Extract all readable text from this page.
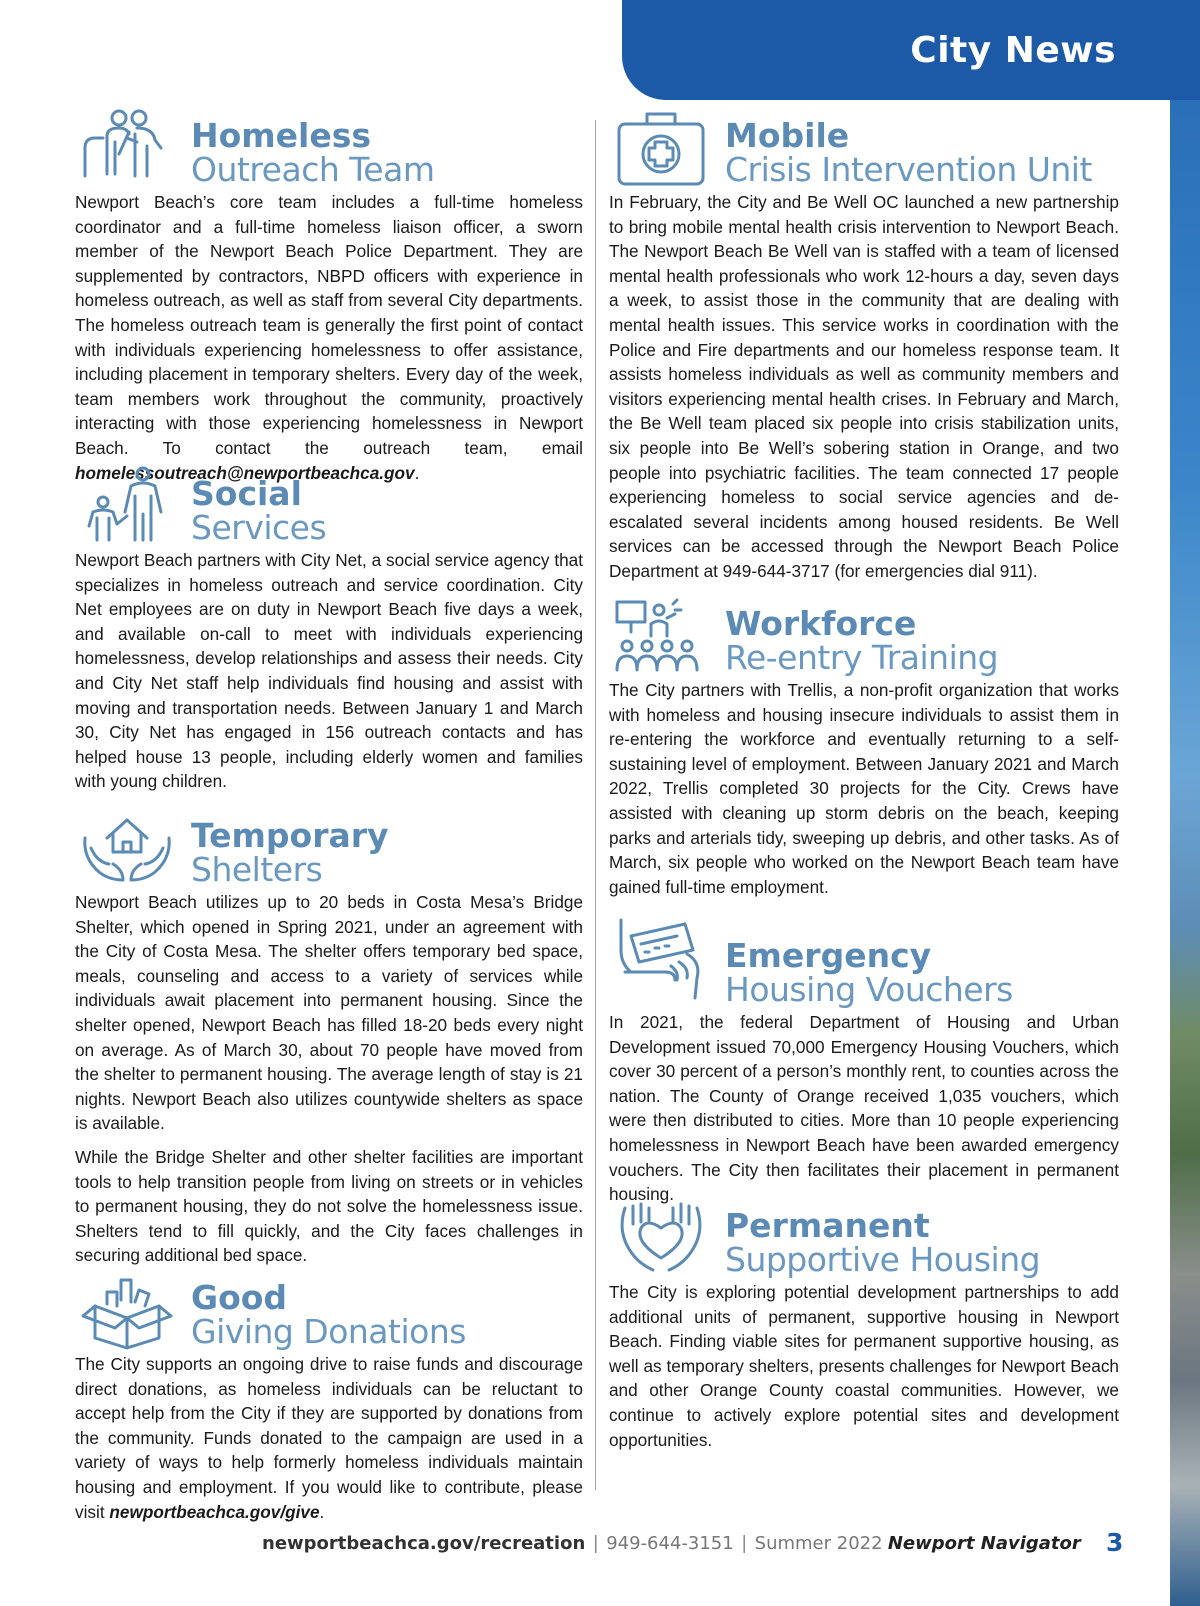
City News
Homeless
Outreach Team

Newport Beach’s core team includes a full-time homeless coordinator and a full-time homeless liaison officer, a sworn member of the Newport Beach Police Department. They are supplemented by contractors, NBPD officers with experience in homeless outreach, as well as staff from several City departments. The homeless outreach team is generally the first point of contact with individuals experiencing homelessness to offer assistance, including placement in temporary shelters. Every day of the week, team members work throughout the community, proactively interacting with those experiencing homelessness in Newport Beach. To contact the outreach team, email homelessoutreach@newportbeachca.gov.

Social
Services

Newport Beach partners with City Net, a social service agency that specializes in homeless outreach and service coordination. City Net employees are on duty in Newport Beach five days a week, and available on-call to meet with individuals experiencing homelessness, develop relationships and assess their needs. City and City Net staff help individuals find housing and assist with moving and transportation needs. Between January 1 and March 30, City Net has engaged in 156 outreach contacts and has helped house 13 people, including elderly women and families with young children.

Temporary
Shelters

Newport Beach utilizes up to 20 beds in Costa Mesa’s Bridge Shelter, which opened in Spring 2021, under an agreement with the City of Costa Mesa. The shelter offers temporary bed space, meals, counseling and access to a variety of services while individuals await placement into permanent housing. Since the shelter opened, Newport Beach has filled 18-20 beds every night on average. As of March 30, about 70 people have moved from the shelter to permanent housing. The average length of stay is 21 nights. Newport Beach also utilizes countywide shelters as space is available.

While the Bridge Shelter and other shelter facilities are important tools to help transition people from living on streets or in vehicles to permanent housing, they do not solve the homelessness issue. Shelters tend to fill quickly, and the City faces challenges in securing additional bed space.

Good
Giving Donations

The City supports an ongoing drive to raise funds and discourage direct donations, as homeless individuals can be reluctant to accept help from the City if they are supported by donations from the community. Funds donated to the campaign are used in a variety of ways to help formerly homeless individuals maintain housing and employment. If you would like to contribute, please visit newportbeachca.gov/give.

Mobile
Crisis Intervention Unit

In February, the City and Be Well OC launched a new partnership to bring mobile mental health crisis intervention to Newport Beach. The Newport Beach Be Well van is staffed with a team of licensed mental health professionals who work 12-hours a day, seven days a week, to assist those in the community that are dealing with mental health issues. This service works in coordination with the Police and Fire departments and our homeless response team. It assists homeless individuals as well as community members and visitors experiencing mental health crises. In February and March, the Be Well team placed six people into crisis stabilization units, six people into Be Well’s sobering station in Orange, and two people into psychiatric facilities. The team connected 17 people experiencing homeless to social service agencies and de-escalated several incidents among housed residents. Be Well services can be accessed through the Newport Beach Police Department at 949-644-3717 (for emergencies dial 911).

Workforce
Re-entry Training

The City partners with Trellis, a non-profit organization that works with homeless and housing insecure individuals to assist them in re-entering the workforce and eventually returning to a self-sustaining level of employment. Between January 2021 and March 2022, Trellis completed 30 projects for the City. Crews have assisted with cleaning up storm debris on the beach, keeping parks and arterials tidy, sweeping up debris, and other tasks. As of March, six people who worked on the Newport Beach team have gained full-time employment.

Emergency
Housing Vouchers

In 2021, the federal Department of Housing and Urban Development issued 70,000 Emergency Housing Vouchers, which cover 30 percent of a person’s monthly rent, to counties across the nation. The County of Orange received 1,035 vouchers, which were then distributed to cities. More than 10 people experiencing homelessness in Newport Beach have been awarded emergency vouchers. The City then facilitates their placement in permanent housing.

Permanent
Supportive Housing

The City is exploring potential development partnerships to add additional units of permanent, supportive housing in Newport Beach. Finding viable sites for permanent supportive housing, as well as temporary shelters, presents challenges for Newport Beach and other Orange County coastal communities. However, we continue to actively explore potential sites and development opportunities.

newportbeachca.gov/recreation | 949-644-3151 | Summer 2022 Newport Navigator	3
